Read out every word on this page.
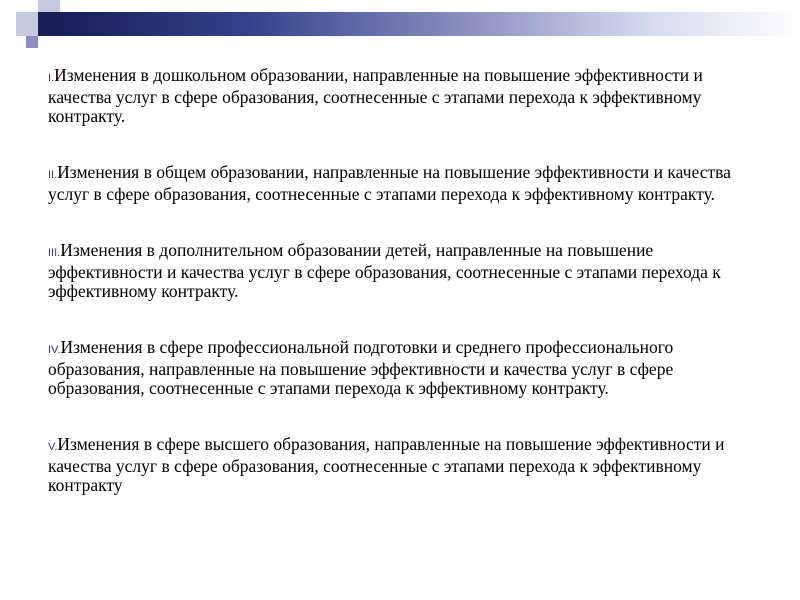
I.Изменения в дошкольном образовании, направленные на повышение эффективности и качества услуг в сфере образования, соотнесенные с этапами перехода к эффективному контракту.
II.Изменения в общем образовании, направленные на повышение эффективности и качества услуг в сфере образования, соотнесенные с этапами перехода к эффективному контракту.
III.Изменения в дополнительном образовании детей, направленные на повышение эффективности и качества услуг в сфере образования, соотнесенные с этапами перехода к эффективному контракту.
IV.Изменения в сфере профессиональной подготовки и среднего профессионального образования, направленные на повышение эффективности и качества услуг в сфере образования, соотнесенные с этапами перехода к эффективному контракту.
V.Изменения в сфере высшего образования, направленные на повышение эффективности и качества услуг в сфере образования, соотнесенные с этапами перехода к эффективному контракту
